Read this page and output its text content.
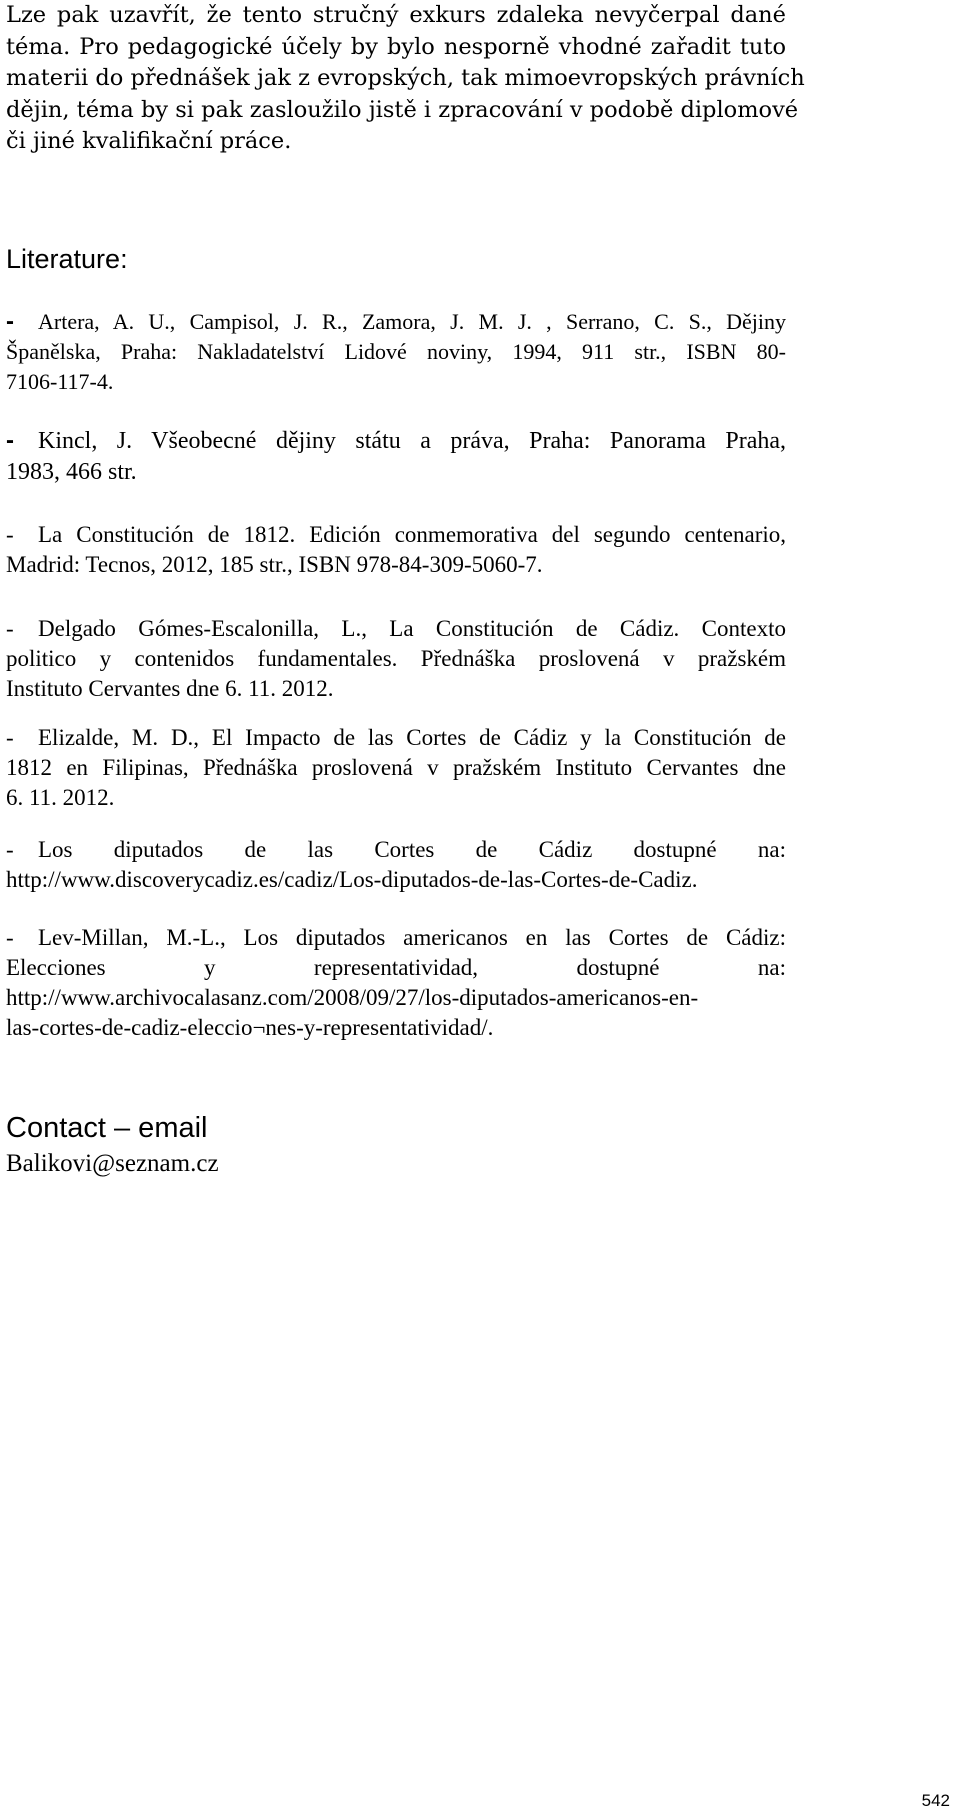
Lze pak uzavřít, že tento stručný exkurs zdaleka nevyčerpal dané
téma. Pro pedagogické účely by bylo nesporně vhodné zařadit tuto
materii do přednášek jak z evropských, tak mimoevropských právních
dějin, téma by si pak zasloužilo jistě i zpracování v podobě diplomové
či jiné kvalifikační práce.
Literature:
- Artera, A. U., Campisol, J. R., Zamora, J. M. J. , Serrano, C. S., Dějiny
Španělska, Praha: Nakladatelství Lidové noviny, 1994, 911 str., ISBN 80-
7106-117-4.
- Kincl, J. Všeobecné dějiny státu a práva, Praha: Panorama Praha,
1983, 466 str.
- La Constitución de 1812. Edición conmemorativa del segundo centenario,
Madrid: Tecnos, 2012, 185 str., ISBN 978-84-309-5060-7.
- Delgado Gómes-Escalonilla, L., La Constitución de Cádiz. Contexto
politico y contenidos fundamentales. Přednáška proslovená v pražském
Instituto Cervantes dne 6. 11. 2012.
- Elizalde, M. D., El Impacto de las Cortes de Cádiz y la Constitución de
1812 en Filipinas, Přednáška proslovená v pražském Instituto Cervantes dne
6. 11. 2012.
- Los diputados de las Cortes de Cádiz dostupné na:
http://www.discoverycadiz.es/cadiz/Los-diputados-de-las-Cortes-de-Cadiz.
- Lev-Millan, M.-L., Los diputados americanos en las Cortes de Cádiz:
Elecciones y representatividad, dostupné na:
http://www.archivocalasanz.com/2008/09/27/los-diputados-americanos-en-
las-cortes-de-cadiz-eleccio¬nes-y-representatividad/.
Contact – email
Balikovi@seznam.cz
542
